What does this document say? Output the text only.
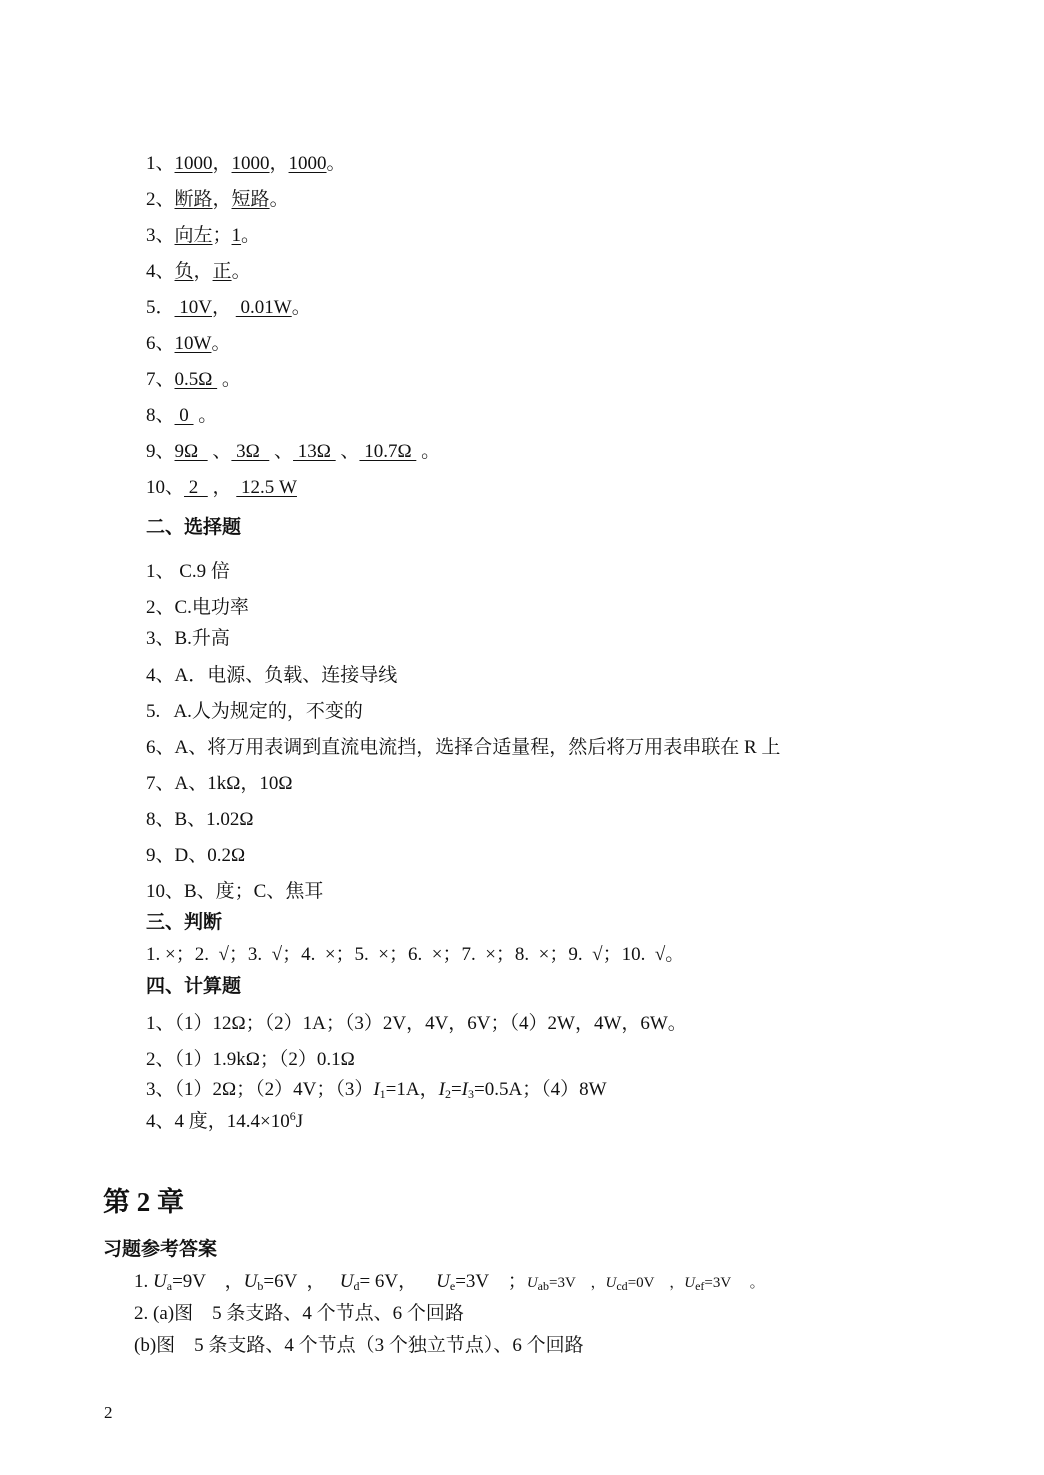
1、1000，1000，1000。
2、断路，短路。
3、向左；1。
4、负，正。
5． 10V，  0.01W。
6、10W。
7、0.5Ω  。
8、 0  。
9、9Ω   、 3Ω   、 13Ω  、 10.7Ω  。
10、 2   ，  12.5 W
二、选择题
1、 C.9 倍
2、C.电功率
3、B.升高
4、A．电源、负载、连接导线
5.   A.人为规定的，不变的
6、A、将万用表调到直流电流挡，选择合适量程，然后将万用表串联在 R 上
7、A、1kΩ，10Ω
8、B、1.02Ω
9、D、0.2Ω
10、B、度；C、焦耳
三、判断
1. ×；2.  √；3.  √；4.  ×；5.  ×；6.  ×；7.  ×；8.  ×；9.  √；10.  √。
四、计算题
1、（1）12Ω；（2）1A；（3）2V，4V，6V；（4）2W，4W，6W。
2、（1）1.9kΩ；（2）0.1Ω
3、（1）2Ω；（2）4V；$(3)I_1=1A$，$I_2=I_3=0.5A$；（4）8W
4、4 度，$14.4\times 10^6J$
第 2 章
习题参考答案
1. $U_a=9V$    ，$U_b=6V$  ，   $U_d= 6V$，    $U_e=3V$    ；$U_{ab}=3V$    ，$U_{cd}=0V$    ，$U_{ef}=3V$     。
2. (a)图    5 条支路、4 个节点、6 个回路
(b)图    5 条支路、4 个节点（3 个独立节点）、6 个回路
2
